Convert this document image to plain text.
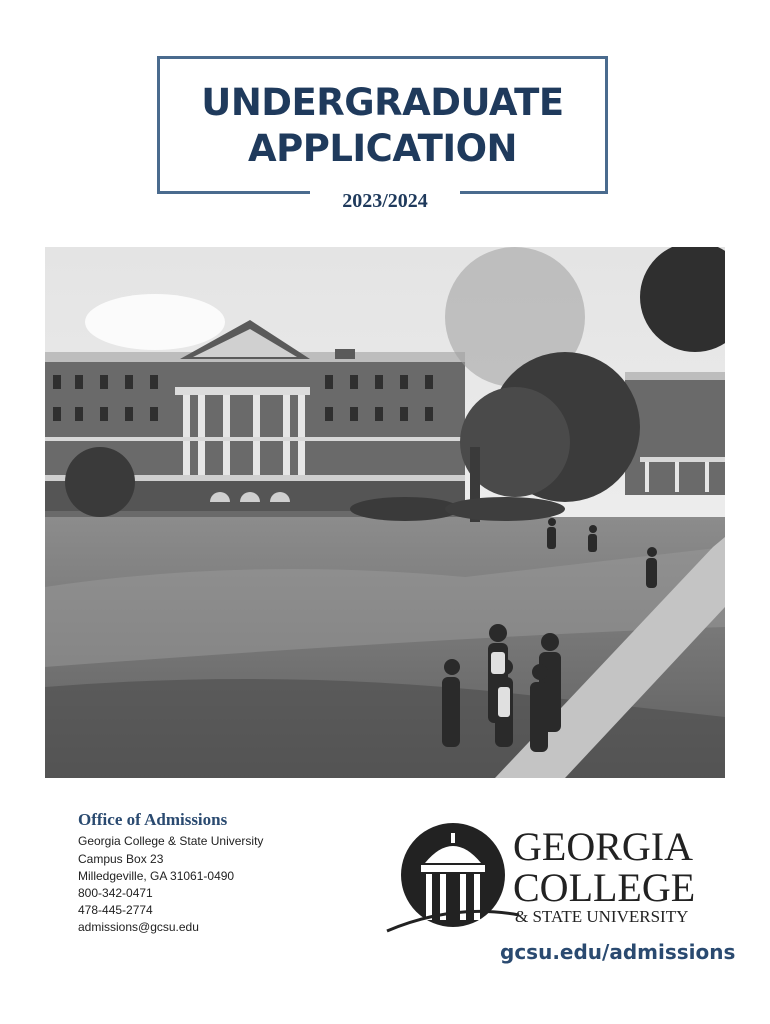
UNDERGRADUATE
APPLICATION
2023/2024
Office of Admissions
Georgia College & State University
Campus Box 23
Milledgeville, GA 31061-0490
800-342-0471
478-445-2774
admissions@gcsu.edu
GEORGIA
COLLEGE
& STATE UNIVERSITY
gcsu.edu/admissions
